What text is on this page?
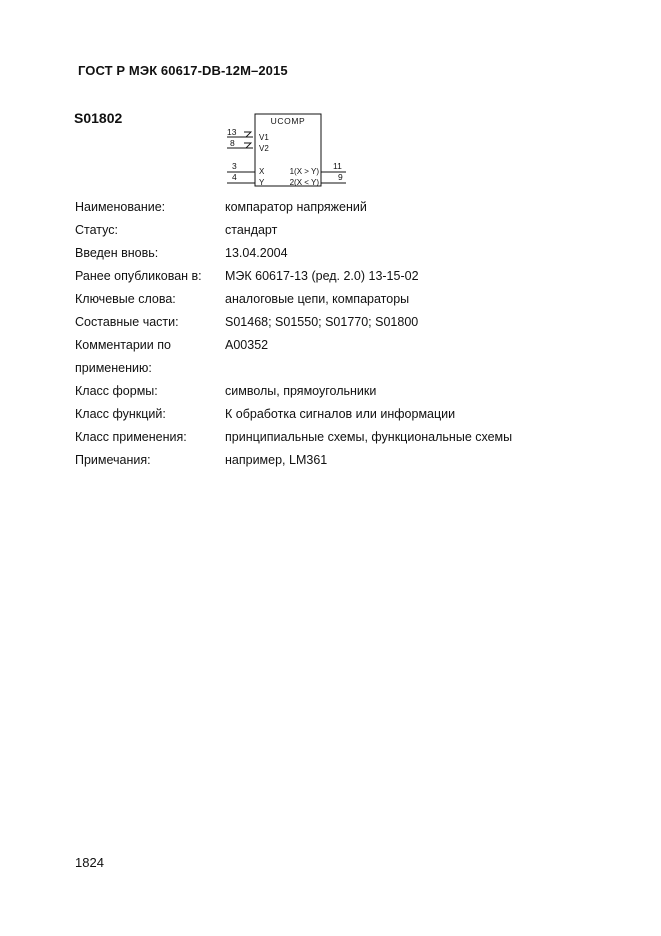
ГОСТ Р МЭК 60617-DB-12M–2015
S01802	UCOMP
13
V1
8
V2
3
X
4
Y
1(X > Y)
11
2(X < Y)
9
Наименование:	компаратор напряжений
Статус:	стандарт
Введен вновь:	13.04.2004
Ранее опубликован в:	МЭК 60617-13 (ред. 2.0) 13-15-02
Ключевые слова:	аналоговые цепи, компараторы
Составные части:	S01468; S01550; S01770; S01800
Комментарии по
применению:
A00352
Класс формы:	символы, прямоугольники
Класс функций:	К обработка сигналов или информации
Класс применения:	принципиальные схемы, функциональные схемы
Примечания:	например, LM361
1824
